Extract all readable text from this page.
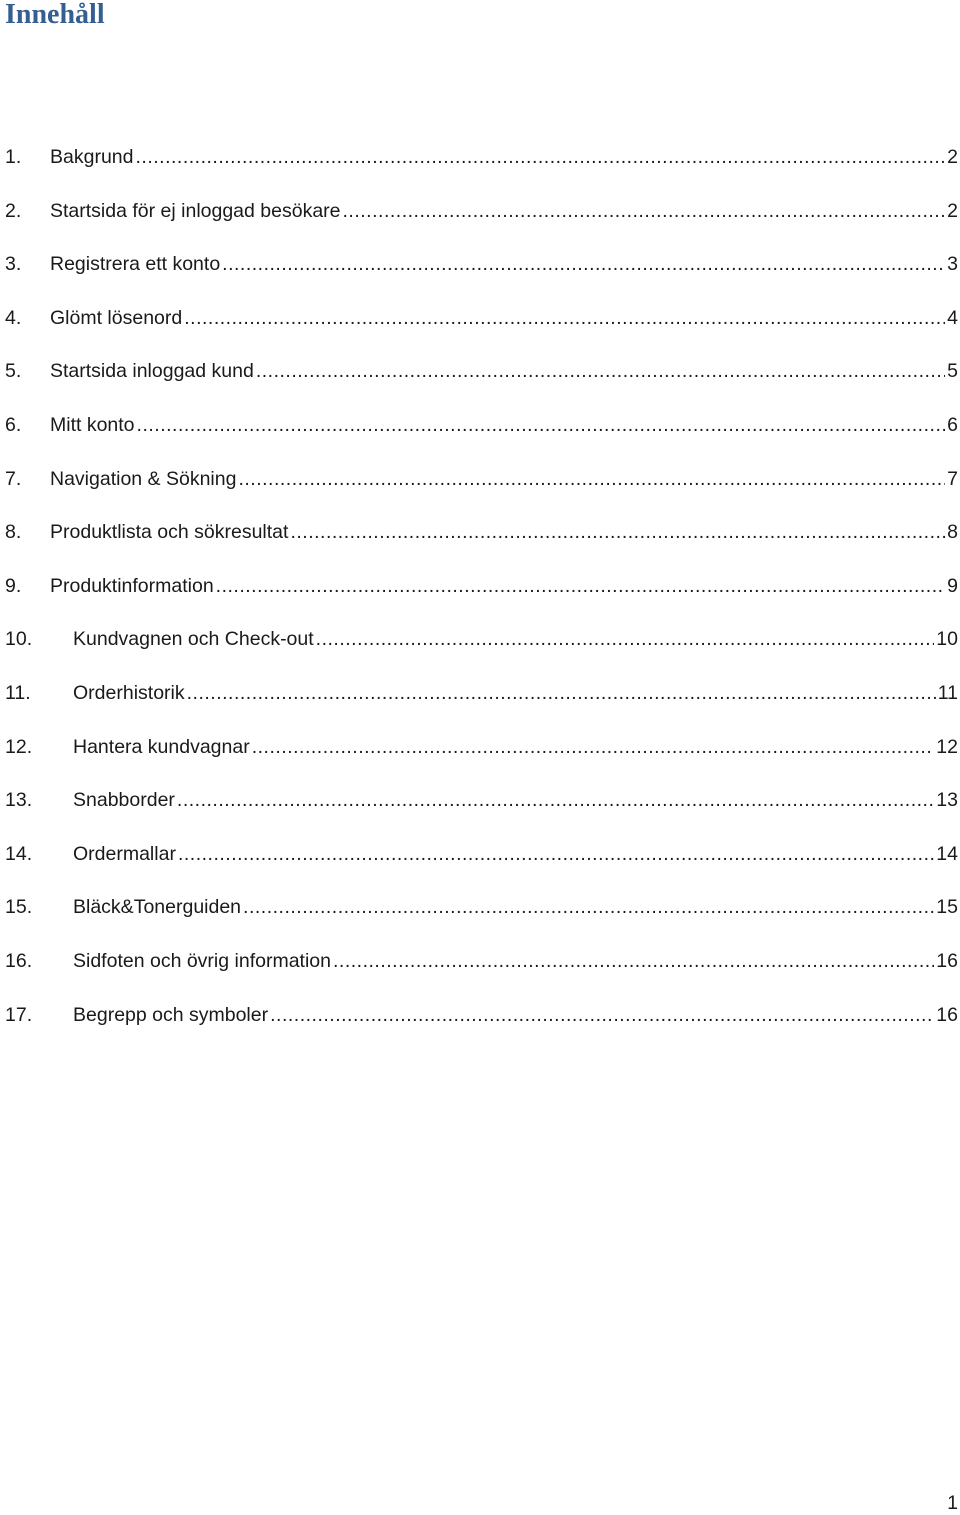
Innehåll
1.	Bakgrund .....	2
2.	Startsida för ej inloggad besökare .....	2
3.	Registrera ett konto .....	3
4.	Glömt lösenord .....	4
5.	Startsida inloggad kund .....	5
6.	Mitt konto .....	6
7.	Navigation & Sökning .....	7
8.	Produktlista och sökresultat .....	8
9.	Produktinformation .....	9
10.	Kundvagnen och Check-out .....	10
11.	Orderhistorik .....	11
12.	Hantera kundvagnar .....	12
13.	Snabborder .....	13
14.	Ordermallar .....	14
15.	Bläck&Tonerguiden .....	15
16.	Sidfoten och övrig information .....	16
17.	Begrepp och symboler .....	16
1
